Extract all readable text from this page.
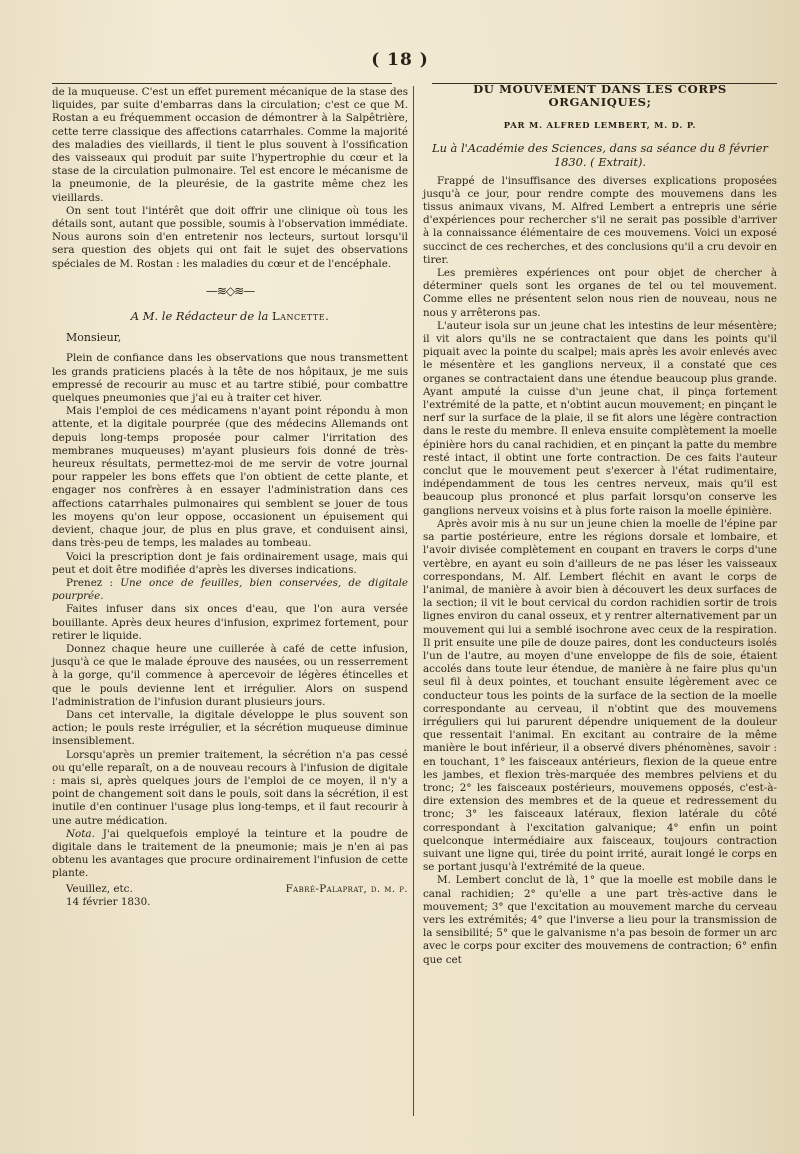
( 18 )

de la muqueuse. C'est un effet purement mécanique de la stase des liquides, par suite d'embarras dans la circulation; c'est ce que M. Rostan a eu fréquemment occasion de démontrer à la Salpêtrière, cette terre classique des affections catarrhales. Comme la majorité des maladies des vieillards, il tient le plus souvent à l'ossification des vaisseaux qui produit par suite l'hypertrophie du cœur et la stase de la circulation pulmonaire. Tel est encore le mécanisme de la pneumonie, de la pleurésie, de la gastrite même chez les vieillards.

On sent tout l'intérêt que doit offrir une clinique où tous les détails sont, autant que possible, soumis à l'observation immédiate. Nous aurons soin d'en entretenir nos lecteurs, surtout lorsqu'il sera question des objets qui ont fait le sujet des observations spéciales de M. Rostan : les maladies du cœur et de l'encéphale.

—≋◇≋—
A M. le Rédacteur de la Lancette.

Monsieur,

Plein de confiance dans les observations que nous transmettent les grands praticiens placés à la tête de nos hôpitaux, je me suis empressé de recourir au musc et au tartre stibié, pour combattre quelques pneumonies que j'ai eu à traiter cet hiver.

Mais l'emploi de ces médicamens n'ayant point répondu à mon attente, et la digitale pourprée (que des médecins Allemands ont depuis long-temps proposée pour calmer l'irritation des membranes muqueuses) m'ayant plusieurs fois donné de très-heureux résultats, permettez-moi de me servir de votre journal pour rappeler les bons effets que l'on obtient de cette plante, et engager nos confrères à en essayer l'administration dans ces affections catarrhales pulmonaires qui semblent se jouer de tous les moyens qu'on leur oppose, occasionent un épuisement qui devient, chaque jour, de plus en plus grave, et conduisent ainsi, dans très-peu de temps, les malades au tombeau.

Voici la prescription dont je fais ordinairement usage, mais qui peut et doit être modifiée d'après les diverses indications.

Prenez : Une once de feuilles, bien conservées, de digitale pourprée.

Faites infuser dans six onces d'eau, que l'on aura versée bouillante. Après deux heures d'infusion, exprimez fortement, pour retirer le liquide.

Donnez chaque heure une cuillerée à café de cette infusion, jusqu'à ce que le malade éprouve des nausées, ou un resserrement à la gorge, qu'il commence à apercevoir de légères étincelles et que le pouls devienne lent et irrégulier. Alors on suspend l'administration de l'infusion durant plusieurs jours.

Dans cet intervalle, la digitale développe le plus souvent son action; le pouls reste irrégulier, et la sécrétion muqueuse diminue insensiblement.

Lorsqu'après un premier traitement, la sécrétion n'a pas cessé ou qu'elle reparaît, on a de nouveau recours à l'infusion de digitale : mais si, après quelques jours de l'emploi de ce moyen, il n'y a point de changement soit dans le pouls, soit dans la sécrétion, il est inutile d'en continuer l'usage plus long-temps, et il faut recourir à une autre médication.

Nota. J'ai quelquefois employé la teinture et la poudre de digitale dans le traitement de la pneumonie; mais je n'en ai pas obtenu les avantages que procure ordinairement l'infusion de cette plante.

Veuillez, etc.	Fabré-Palaprat, d. m. p.

14 février 1830.

DU MOUVEMENT DANS LES CORPS ORGANIQUES;
PAR M. ALFRED LEMBERT, M. D. P.
Lu à l'Académie des Sciences, dans sa séance du 8 février 1830. ( Extrait).

Frappé de l'insuffisance des diverses explications proposées jusqu'à ce jour, pour rendre compte des mouvemens dans les tissus animaux vivans, M. Alfred Lembert a entrepris une série d'expériences pour rechercher s'il ne serait pas possible d'arriver à la connaissance élémentaire de ces mouvemens. Voici un exposé succinct de ces recherches, et des conclusions qu'il a cru devoir en tirer.

Les premières expériences ont pour objet de chercher à déterminer quels sont les organes de tel ou tel mouvement. Comme elles ne présentent selon nous rien de nouveau, nous ne nous y arrêterons pas.

L'auteur isola sur un jeune chat les intestins de leur mésentère; il vit alors qu'ils ne se contractaient que dans les points qu'il piquait avec la pointe du scalpel; mais après les avoir enlevés avec le mésentère et les ganglions nerveux, il a constaté que ces organes se contractaient dans une étendue beaucoup plus grande. Ayant amputé la cuisse d'un jeune chat, il pinça fortement l'extrémité de la patte, et n'obtint aucun mouvement; en pinçant le nerf sur la surface de la plaie, il se fit alors une légère contraction dans le reste du membre. Il enleva ensuite complètement la moelle épinière hors du canal rachidien, et en pinçant la patte du membre resté intact, il obtint une forte contraction. De ces faits l'auteur conclut que le mouvement peut s'exercer à l'état rudimentaire, indépendamment de tous les centres nerveux, mais qu'il est beaucoup plus prononcé et plus parfait lorsqu'on conserve les ganglions nerveux voisins et à plus forte raison la moelle épinière.

Après avoir mis à nu sur un jeune chien la moelle de l'épine par sa partie postérieure, entre les régions dorsale et lombaire, et l'avoir divisée complètement en coupant en travers le corps d'une vertèbre, en ayant eu soin d'ailleurs de ne pas léser les vaisseaux correspondans, M. Alf. Lembert fléchit en avant le corps de l'animal, de manière à avoir bien à découvert les deux surfaces de la section; il vit le bout cervical du cordon rachidien sortir de trois lignes environ du canal osseux, et y rentrer alternativement par un mouvement qui lui a semblé isochrone avec ceux de la respiration. Il prit ensuite une pile de douze paires, dont les conducteurs isolés l'un de l'autre, au moyen d'une enveloppe de fils de soie, étaient accolés dans toute leur étendue, de manière à ne faire plus qu'un seul fil à deux pointes, et touchant ensuite légèrement avec ce conducteur tous les points de la surface de la section de la moelle correspondante au cerveau, il n'obtint que des mouvemens irréguliers qui lui parurent dépendre uniquement de la douleur que ressentait l'animal. En excitant au contraire de la même manière le bout inférieur, il a observé divers phénomènes, savoir : en touchant, 1° les faisceaux antérieurs, flexion de la queue entre les jambes, et flexion très-marquée des membres pelviens et du tronc; 2° les faisceaux postérieurs, mouvemens opposés, c'est-à-dire extension des membres et de la queue et redressement du tronc; 3° les faisceaux latéraux, flexion latérale du côté correspondant à l'excitation galvanique; 4° enfin un point quelconque intermédiaire aux faisceaux, toujours contraction suivant une ligne qui, tirée du point irrité, aurait longé le corps en se portant jusqu'à l'extrémité de la queue.

M. Lembert conclut de là, 1° que la moelle est mobile dans le canal rachidien; 2° qu'elle a une part très-active dans le mouvement; 3° que l'excitation au mouvement marche du cerveau vers les extrémités; 4° que l'inverse a lieu pour la transmission de la sensibilité; 5° que le galvanisme n'a pas besoin de former un arc avec le corps pour exciter des mouvemens de contraction; 6° enfin que cet
